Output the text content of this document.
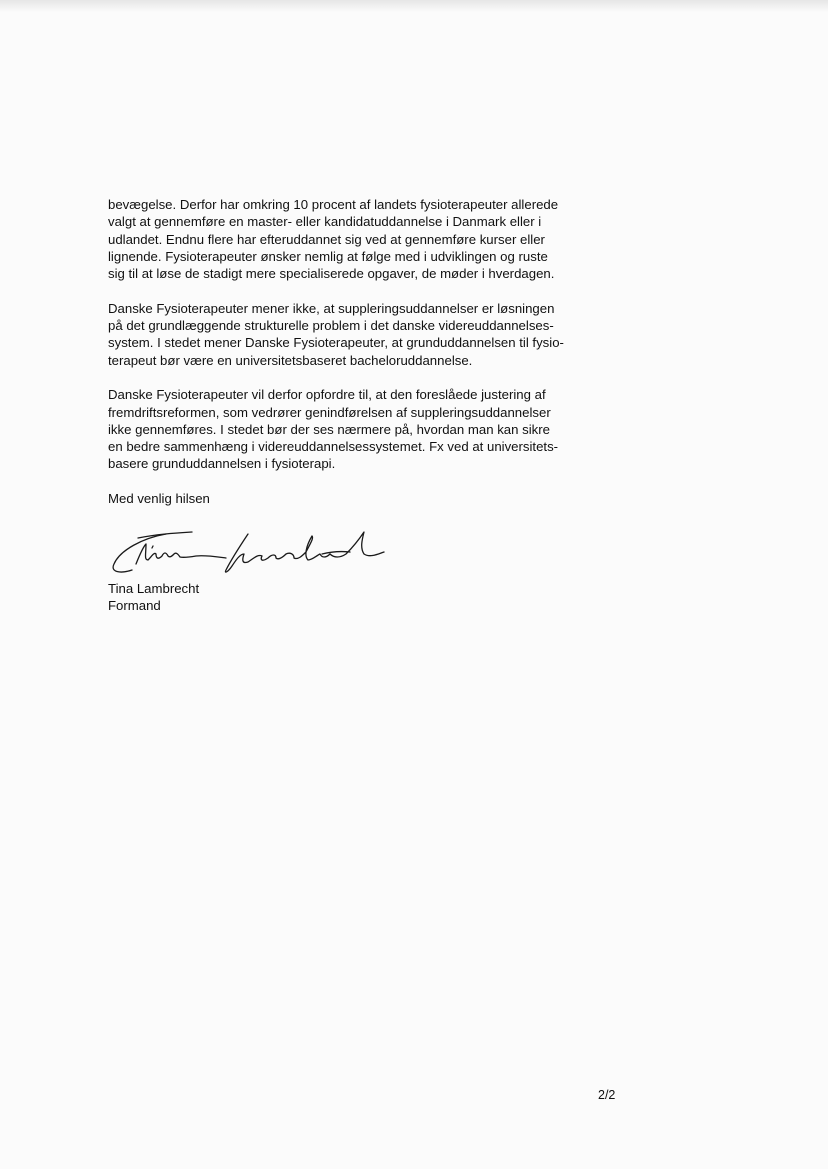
bevægelse. Derfor har omkring 10 procent af landets fysioterapeuter allerede
valgt at gennemføre en master- eller kandidatuddannelse i Danmark eller i
udlandet. Endnu flere har efteruddannet sig ved at gennemføre kurser eller
lignende. Fysioterapeuter ønsker nemlig at følge med i udviklingen og ruste
sig til at løse de stadigt mere specialiserede opgaver, de møder i hverdagen.

Danske Fysioterapeuter mener ikke, at suppleringsuddannelser er løsningen
på det grundlæggende strukturelle problem i det danske videreuddannelses-
system. I stedet mener Danske Fysioterapeuter, at grunduddannelsen til fysio-
terapeut bør være en universitetsbaseret bacheloruddannelse.

Danske Fysioterapeuter vil derfor opfordre til, at den foreslåede justering af
fremdriftsreformen, som vedrører genindførelsen af suppleringsuddannelser
ikke gennemføres. I stedet bør der ses nærmere på, hvordan man kan sikre
en bedre sammenhæng i videreuddannelsessystemet. Fx ved at universitets-
basere grunduddannelsen i fysioterapi.

Med venlig hilsen

Tina Lambrecht
Formand
2/2
